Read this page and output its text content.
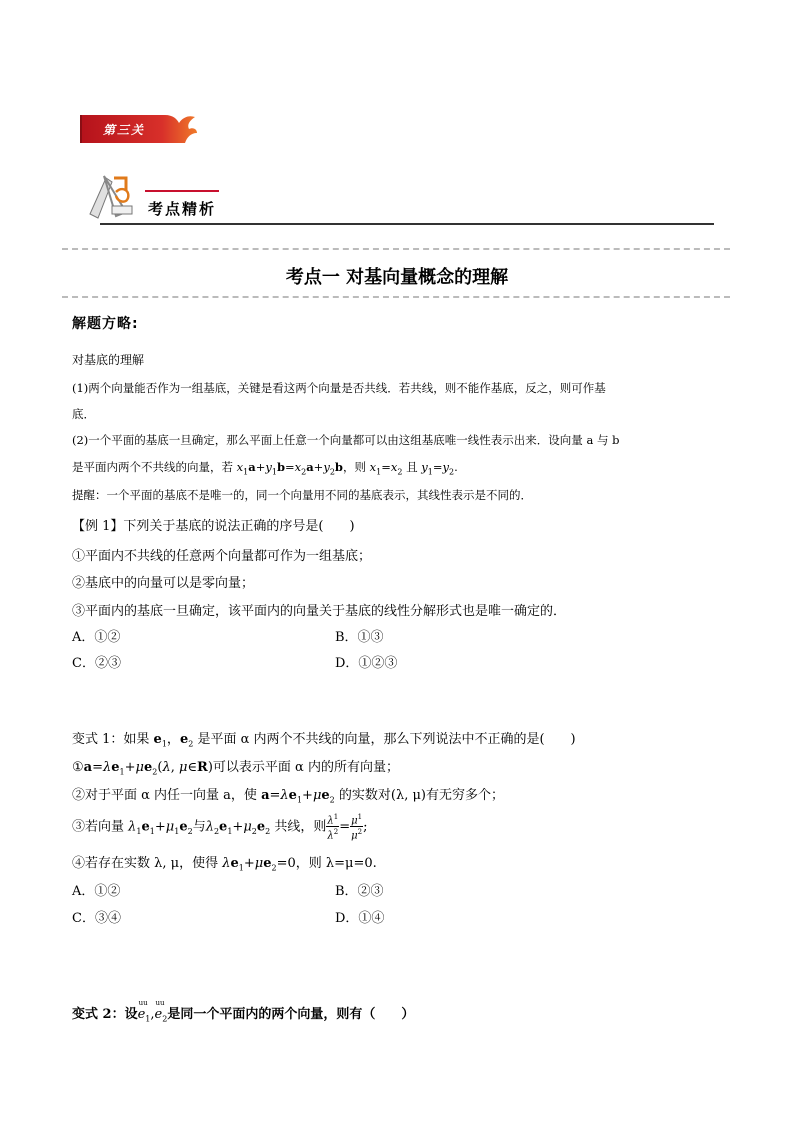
第三关
考点精析
考点一 对基向量概念的理解
解题方略:
对基底的理解
(1)两个向量能否作为一组基底，关键是看这两个向量是否共线．若共线，则不能作基底，反之，则可作基
底．
(2)一个平面的基底一旦确定，那么平面上任意一个向量都可以由这组基底唯一线性表示出来．设向量 a 与 b
是平面内两个不共线的向量，若 $x_1a+y_1b=x_2a+y_2b$，则 $x_1=x_2$ 且 $y_1=y_2$.
提醒：一个平面的基底不是唯一的，同一个向量用不同的基底表示，其线性表示是不同的．
【例 1】下列关于基底的说法正确的序号是(　　)
①平面内不共线的任意两个向量都可作为一组基底；
②基底中的向量可以是零向量；
③平面内的基底一旦确定，该平面内的向量关于基底的线性分解形式也是唯一确定的．
A．①②	B．①③
C．②③	D．①②③
变式 1：如果 $e_1$，$e_2$ 是平面 α 内两个不共线的向量，那么下列说法中不正确的是(　　)
$①a=\lambda e_1+\mu e_2(\lambda$, μ∈R)可以表示平面 α 内的所有向量；
②对于平面 α 内任一向量 a，使 $a=\lambda e_1+\mu e_2$ 的实数对(λ, μ)有无穷多个；
③若向量 $\lambda_1e_1+\mu_1e_2$与$\lambda_2e_1+\mu_2e_2$ 共线，则 $\frac{\lambda^1}{\lambda^2} = \frac{\mu^1}{\mu^2}$ ;
④若存在实数 λ, μ，使得 $\lambda e_1+\mu e_2=0$，则 λ=μ=0.
A．①②	B．②③
C．③④	D．①④
变式 2：设$e_1$
uu
$,e_2$
uu
是同一个平面内的两个向量，则有（　　）
